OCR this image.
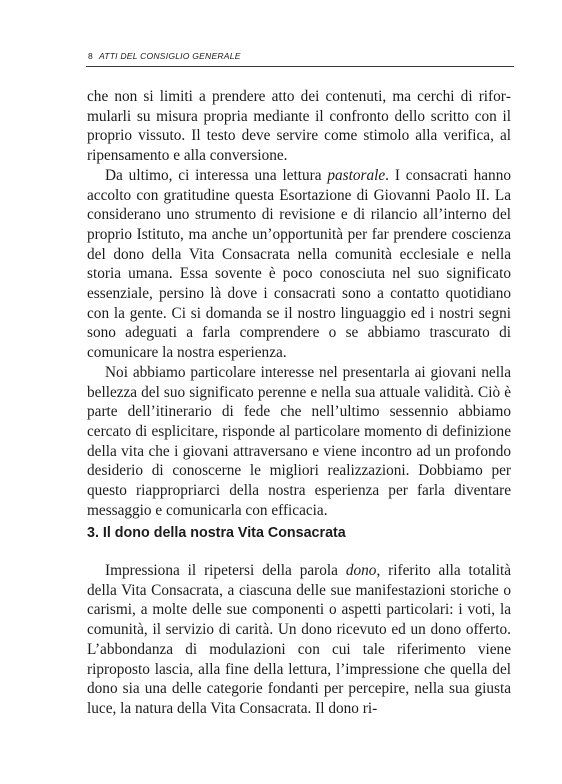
8 ATTI DEL CONSIGLIO GENERALE

che non si limiti a prendere atto dei contenuti, ma cerchi di riformularli su misura propria mediante il confronto dello scritto con il proprio vissuto. Il testo deve servire come stimolo alla verifica, al ripensamento e alla conversione.

Da ultimo, ci interessa una lettura pastorale. I consacrati hanno accolto con gratitudine questa Esortazione di Giovanni Paolo II. La considerano uno strumento di revisione e di rilancio all’interno del proprio Istituto, ma anche un’opportunità per far prendere coscienza del dono della Vita Consacrata nella comunità ecclesiale e nella storia umana. Essa sovente è poco conosciuta nel suo significato essenziale, persino là dove i consacrati sono a contatto quotidiano con la gente. Ci si domanda se il nostro linguaggio ed i nostri segni sono adeguati a farla comprendere o se abbiamo trascurato di comunicare la nostra esperienza.

Noi abbiamo particolare interesse nel presentarla ai giovani nella bellezza del suo significato perenne e nella sua attuale validità. Ciò è parte dell’itinerario di fede che nell’ultimo sessennio abbiamo cercato di esplicitare, risponde al particolare momento di definizione della vita che i giovani attraversano e viene incontro ad un profondo desiderio di conoscerne le migliori realizzazioni. Dobbiamo per questo riappropriarci della nostra esperienza per farla diventare messaggio e comunicarla con efficacia.

3. Il dono della nostra Vita Consacrata

Impressiona il ripetersi della parola dono, riferito alla totalità della Vita Consacrata, a ciascuna delle sue manifestazioni storiche o carismi, a molte delle sue componenti o aspetti particolari: i voti, la comunità, il servizio di carità. Un dono ricevuto ed un dono offerto. L’abbondanza di modulazioni con cui tale riferimento viene riproposto lascia, alla fine della lettura, l’impressione che quella del dono sia una delle categorie fondanti per percepire, nella sua giusta luce, la natura della Vita Consacrata. Il dono ri-
